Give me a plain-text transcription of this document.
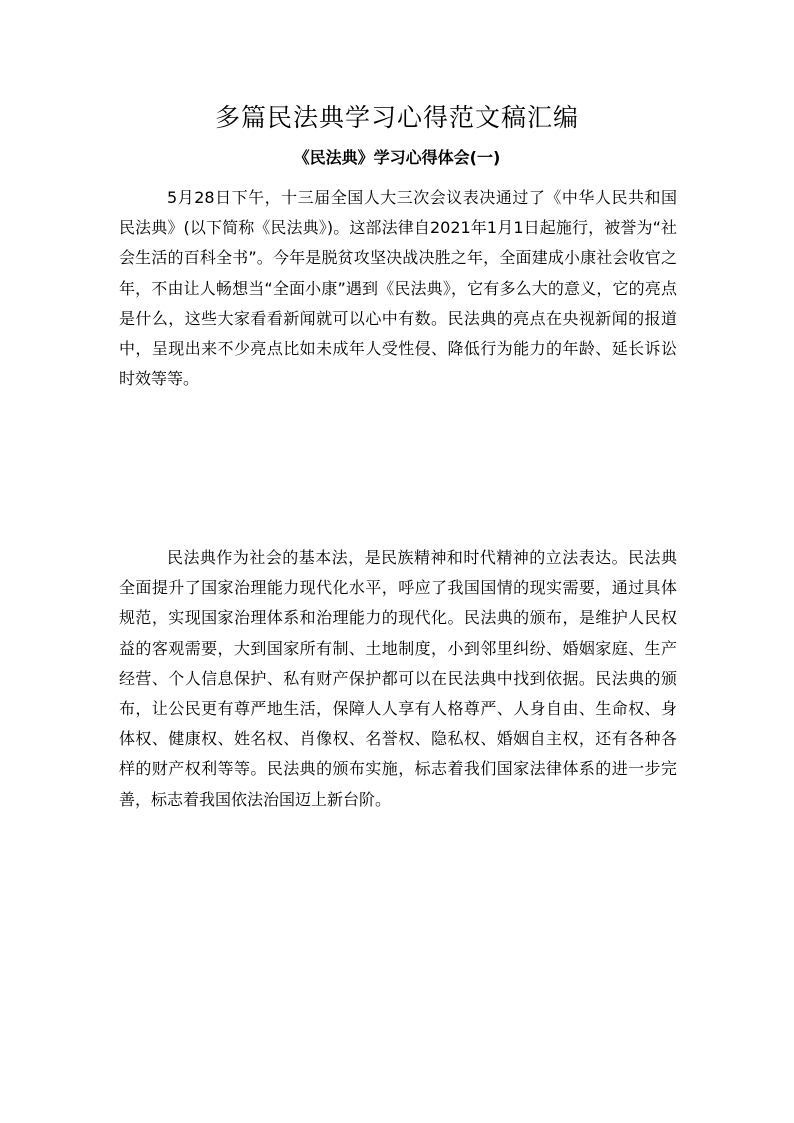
多篇民法典学习心得范文稿汇编
《民法典》学习心得体会(一)

5月28日下午，十三届全国人大三次会议表决通过了《中华人民共和国民法典》(以下简称《民法典》)。这部法律自2021年1月1日起施行，被誉为“社会生活的百科全书”。今年是脱贫攻坚决战决胜之年，全面建成小康社会收官之年，不由让人畅想当“全面小康”遇到《民法典》，它有多么大的意义，它的亮点是什么，这些大家看看新闻就可以心中有数。民法典的亮点在央视新闻的报道中，呈现出来不少亮点比如未成年人受性侵、降低行为能力的年龄、延长诉讼时效等等。

民法典作为社会的基本法，是民族精神和时代精神的立法表达。民法典全面提升了国家治理能力现代化水平，呼应了我国国情的现实需要，通过具体规范，实现国家治理体系和治理能力的现代化。民法典的颁布，是维护人民权益的客观需要，大到国家所有制、土地制度，小到邻里纠纷、婚姻家庭、生产经营、个人信息保护、私有财产保护都可以在民法典中找到依据。民法典的颁布，让公民更有尊严地生活，保障人人享有人格尊严、人身自由、生命权、身体权、健康权、姓名权、肖像权、名誉权、隐私权、婚姻自主权，还有各种各样的财产权利等等。民法典的颁布实施，标志着我们国家法律体系的进一步完善，标志着我国依法治国迈上新台阶。
